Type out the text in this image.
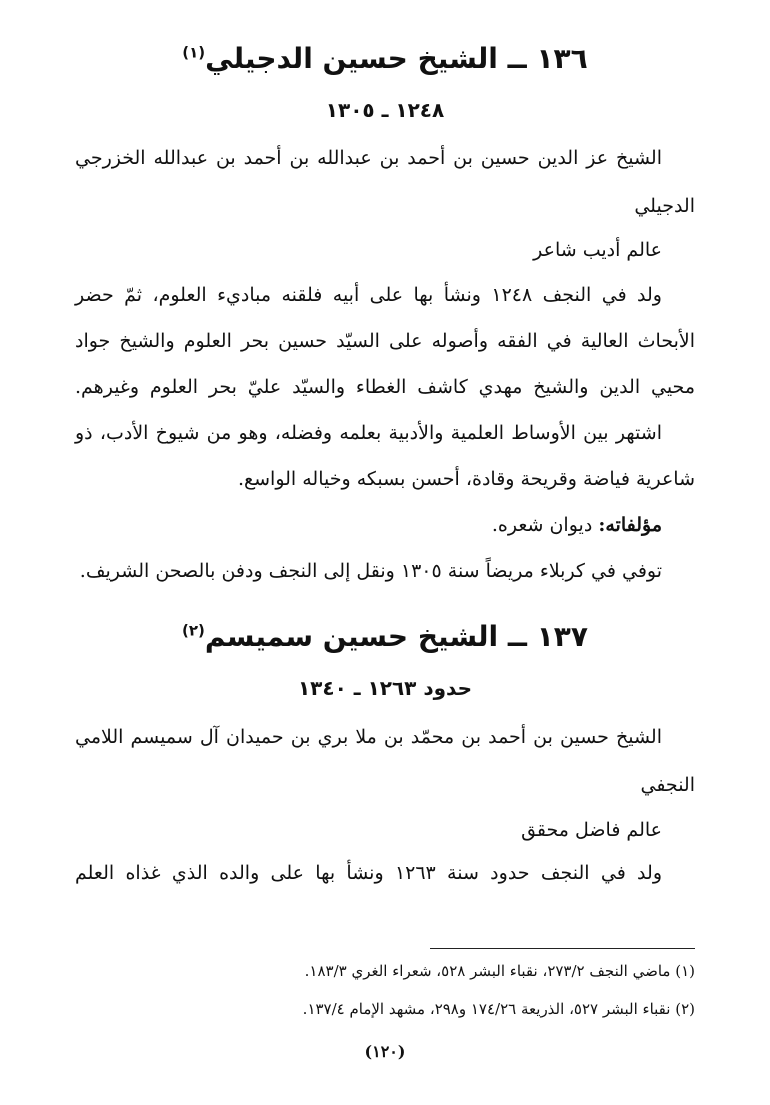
١٣٦ ــ الشيخ حسين الدجيلي$^{(١)}$

١٢٤٨ ـ ١٣٠٥

الشيخ عز الدين حسين بن أحمد بن عبدالله بن أحمد بن عبدالله الخزرجي

الدجيلي

عالم أديب شاعر

ولد في النجف ١٢٤٨ ونشأ بها على أبيه فلقنه مباديء العلوم، ثمّ حضر

الأبحاث العالية في الفقه وأصوله على السيّد حسين بحر العلوم والشيخ جواد

محيي الدين والشيخ مهدي كاشف الغطاء والسيّد عليّ بحر العلوم وغيرهم.

اشتهر بين الأوساط العلمية والأدبية بعلمه وفضله، وهو من شيوخ الأدب، ذو

شاعرية فياضة وقريحة وقادة، أحسن بسبكه وخياله الواسع.

مؤلفاته: ديوان شعره.

توفي في كربلاء مريضاً سنة ١٣٠٥ ونقل إلى النجف ودفن بالصحن الشريف.

١٣٧ ــ الشيخ حسين سميسم$^{(٢)}$

حدود ١٢٦٣ ـ ١٣٤٠

الشيخ حسين بن أحمد بن محمّد بن ملا بري بن حميدان آل سميسم اللامي

النجفي

عالم فاضل محقق

ولد في النجف حدود سنة ١٢٦٣ ونشأ بها على والده الذي غذاه العلم

(١) ماضي النجف ٢٧٣/٢، نقباء البشر ٥٢٨، شعراء الغري ١٨٣/٣.

(٢) نقباء البشر ٥٢٧، الذريعة ١٧٤/٢٦ و٢٩٨، مشهد الإمام ١٣٧/٤.

(١٢٠)
